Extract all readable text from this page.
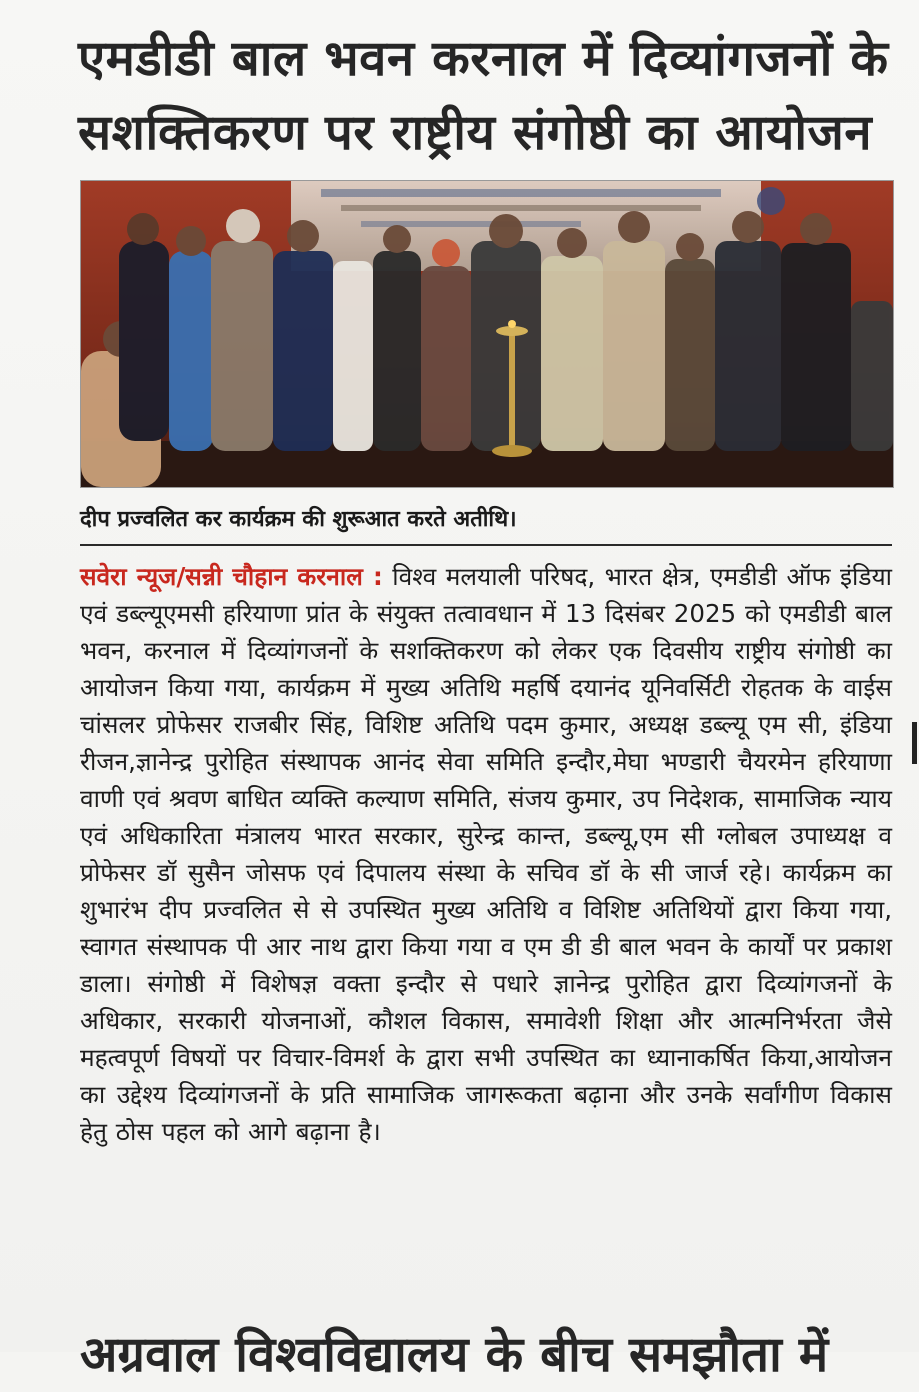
एमडीडी बाल भवन करनाल में दिव्यांगजनों के सशक्तिकरण पर राष्ट्रीय संगोष्ठी का आयोजन

दीप प्रज्वलित कर कार्यक्रम की शुरूआत करते अतीथि।

सवेरा न्यूज/सन्नी चौहान करनाल : विश्व मलयाली परिषद, भारत क्षेत्र, एमडीडी ऑफ इंडिया एवं डब्ल्यूएमसी हरियाणा प्रांत के संयुक्त तत्वावधान में 13 दिसंबर 2025 को एमडीडी बाल भवन, करनाल में दिव्यांगजनों के सशक्तिकरण को लेकर एक दिवसीय राष्ट्रीय संगोष्ठी का आयोजन किया गया, कार्यक्रम में मुख्य अतिथि महर्षि दयानंद यूनिवर्सिटी रोहतक के वाईस चांसलर प्रोफेसर राजबीर सिंह, विशिष्ट अतिथि पदम कुमार, अध्यक्ष डब्ल्यू एम सी, इंडिया रीजन,ज्ञानेन्द्र पुरोहित संस्थापक आनंद सेवा समिति इन्दौर,मेघा भण्डारी चैयरमेन हरियाणा वाणी एवं श्रवण बाधित व्यक्ति कल्याण समिति, संजय कुमार, उप निदेशक, सामाजिक न्याय एवं अधिकारिता मंत्रालय भारत सरकार, सुरेन्द्र कान्त, डब्ल्यू,एम सी ग्लोबल उपाध्यक्ष व प्रोफेसर डॉ सुसैन जोसफ एवं दिपालय संस्था के सचिव डॉ के सी जार्ज रहे। कार्यक्रम का शुभारंभ दीप प्रज्वलित से से उपस्थित मुख्य अतिथि व विशिष्ट अतिथियों द्वारा किया गया, स्वागत संस्थापक पी आर नाथ द्वारा किया गया व एम डी डी बाल भवन के कार्यों पर प्रकाश डाला। संगोष्ठी में विशेषज्ञ वक्ता इन्दौर से पधारे ज्ञानेन्द्र पुरोहित द्वारा दिव्यांगजनों के अधिकार, सरकारी योजनाओं, कौशल विकास, समावेशी शिक्षा और आत्मनिर्भरता जैसे महत्वपूर्ण विषयों पर विचार-विमर्श के द्वारा सभी उपस्थित का ध्यानाकर्षित किया,आयोजन का उद्देश्य दिव्यांगजनों के प्रति सामाजिक जागरूकता बढ़ाना और उनके सर्वांगीण विकास हेतु ठोस पहल को आगे बढ़ाना है।

अग्रवाल विश्वविद्यालय के बीच समझौता में
